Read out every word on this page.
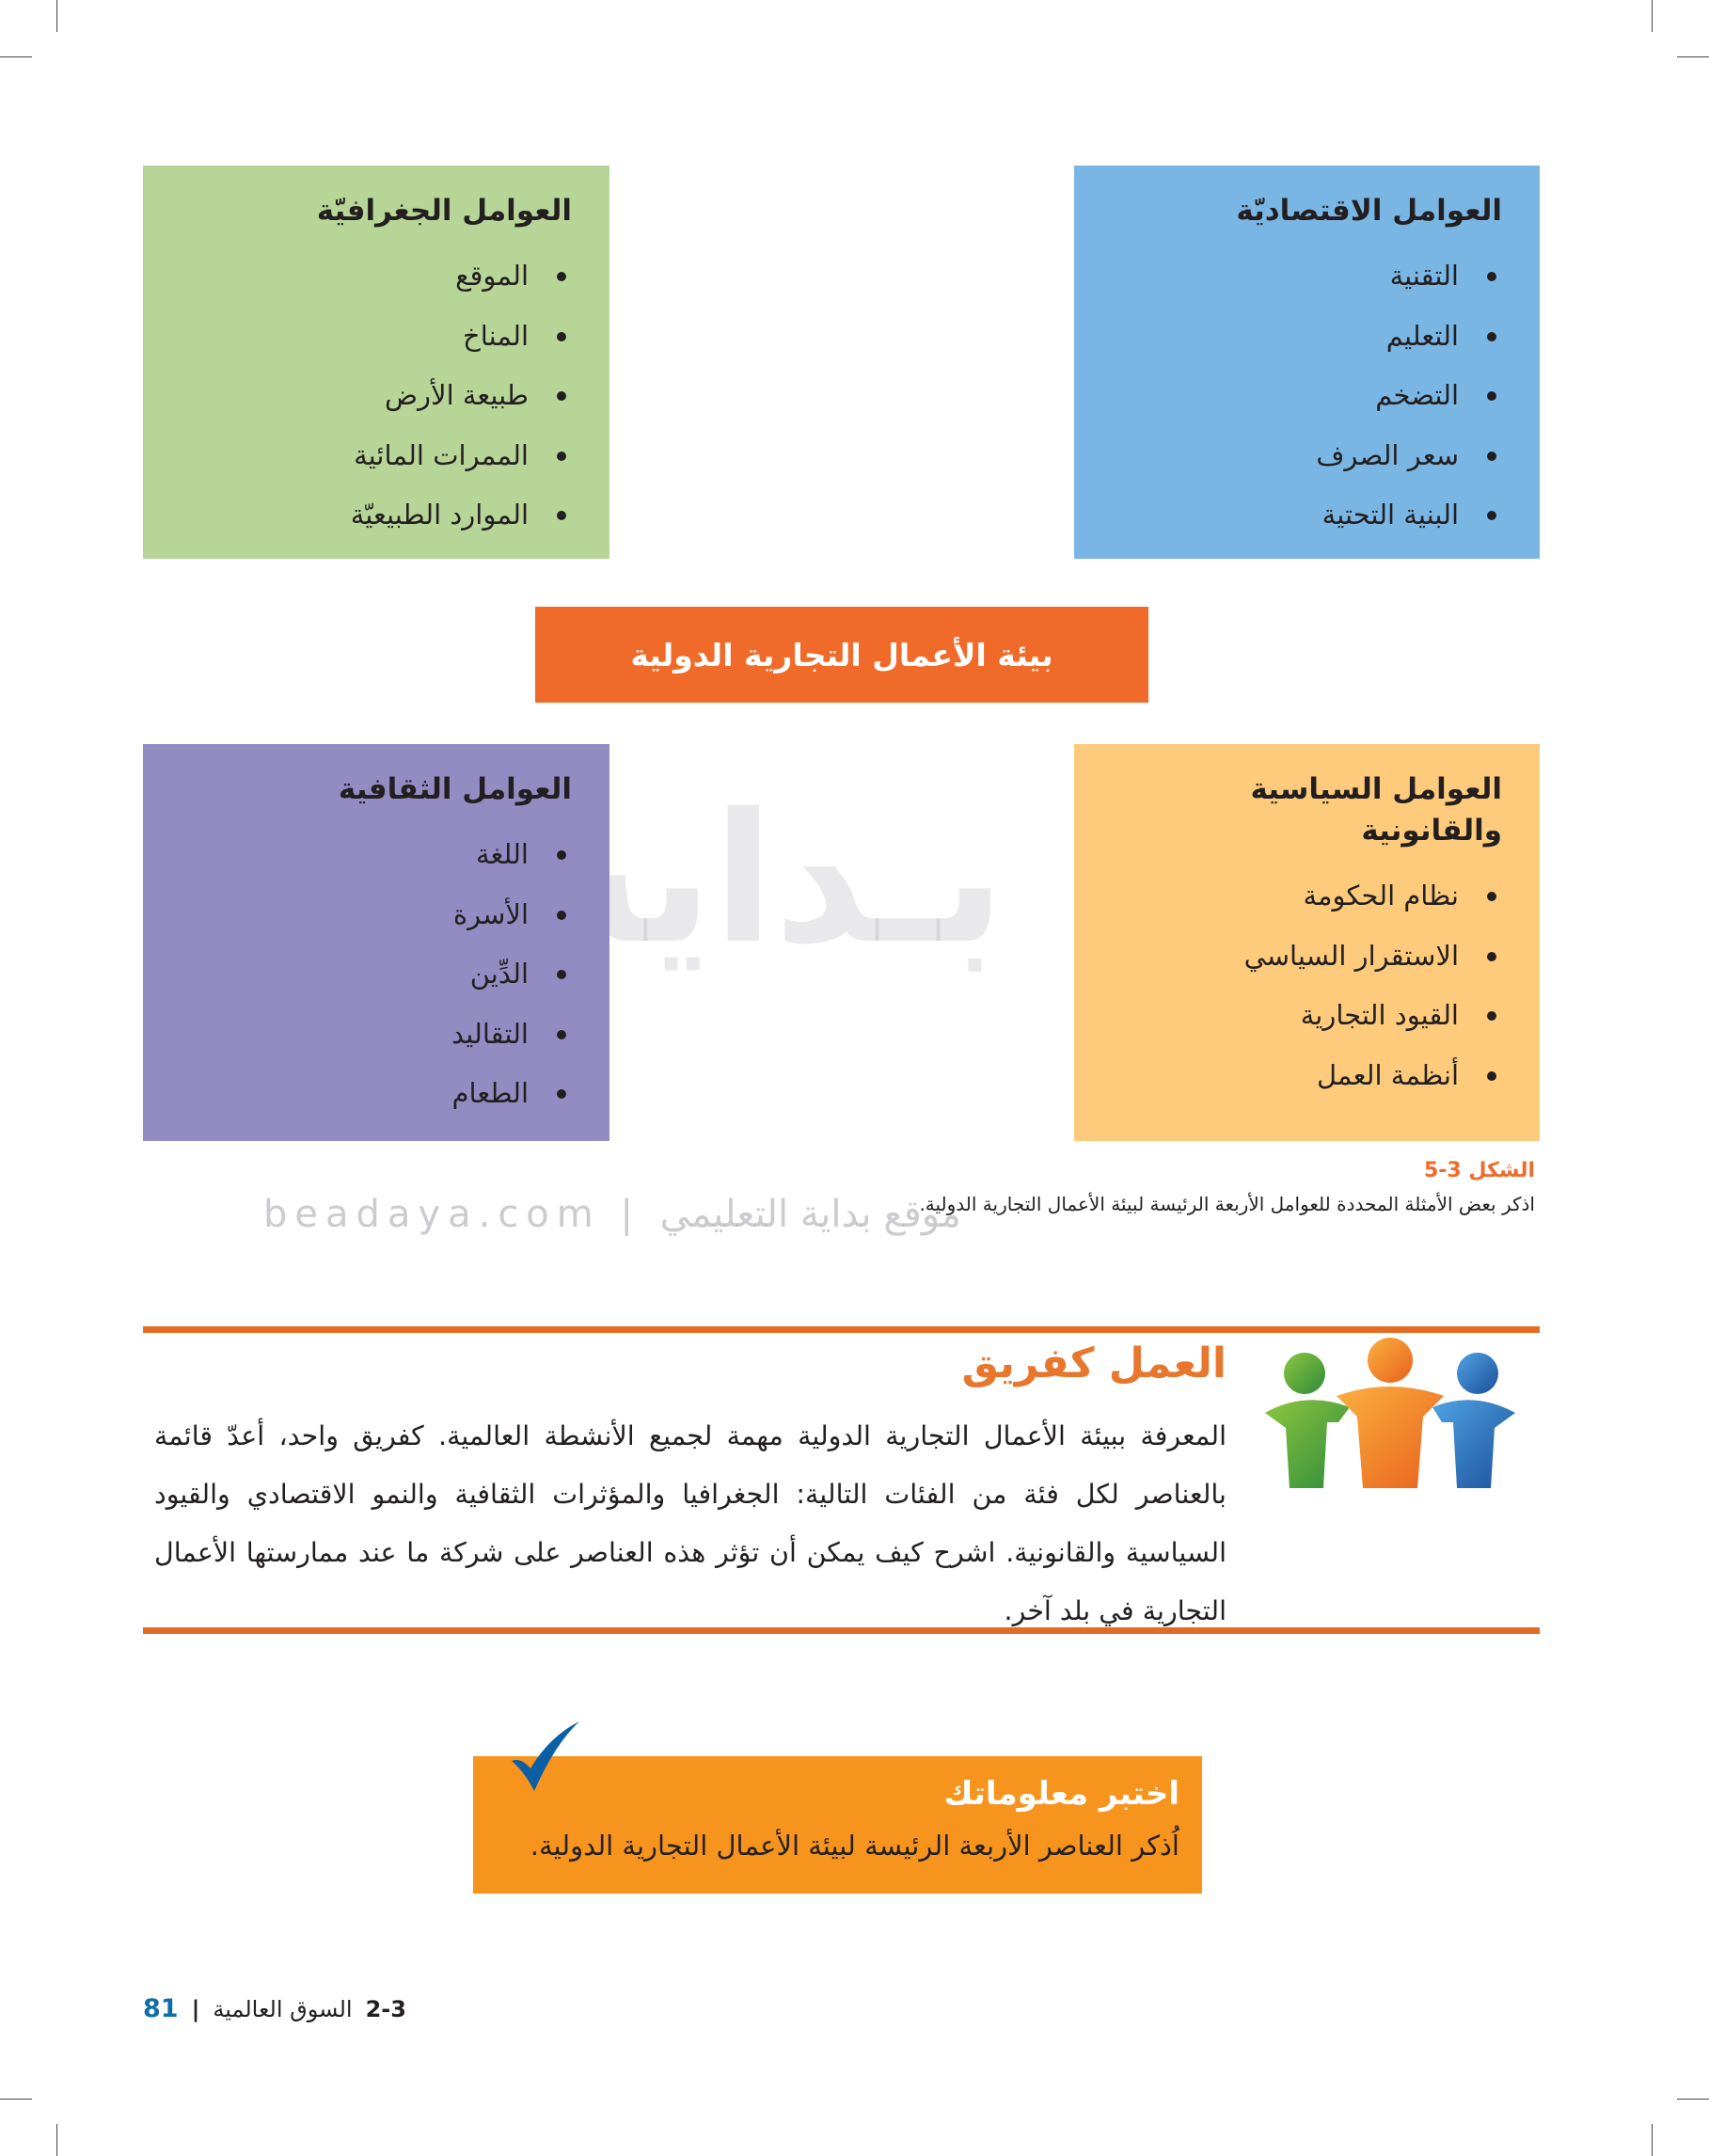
العوامل الاقتصاديّة
التقنية
التعليم
التضخم
سعر الصرف
البنية التحتية
العوامل الجغرافيّة
الموقع
المناخ
طبيعة الأرض
الممرات المائية
الموارد الطبيعيّة
بيئة الأعمال التجارية الدولية
بـداية	العوامل السياسية والقانونية
نظام الحكومة
الاستقرار السياسي
القيود التجارية
أنظمة العمل
العوامل الثقافية
اللغة
الأسرة
الدِّين
التقاليد
الطعام
الشكل 3-5
اذكر بعض الأمثلة المحددة للعوامل الأربعة الرئيسة لبيئة الأعمال التجارية الدولية.
beadaya.com | موقع بداية التعليمي
العمل كفريق

المعرفة ببيئة الأعمال التجارية الدولية مهمة لجميع الأنشطة العالمية. كفريق واحد، أعدّ قائمة بالعناصر لكل فئة من الفئات التالية: الجغرافيا والمؤثرات الثقافية والنمو الاقتصادي والقيود السياسية والقانونية. اشرح كيف يمكن أن تؤثر هذه العناصر على شركة ما عند ممارستها الأعمال التجارية في بلد آخر.

اختبر معلوماتك
اُذكر العناصر الأربعة الرئيسة لبيئة الأعمال التجارية الدولية.
81 | السوق العالمية 2-3
